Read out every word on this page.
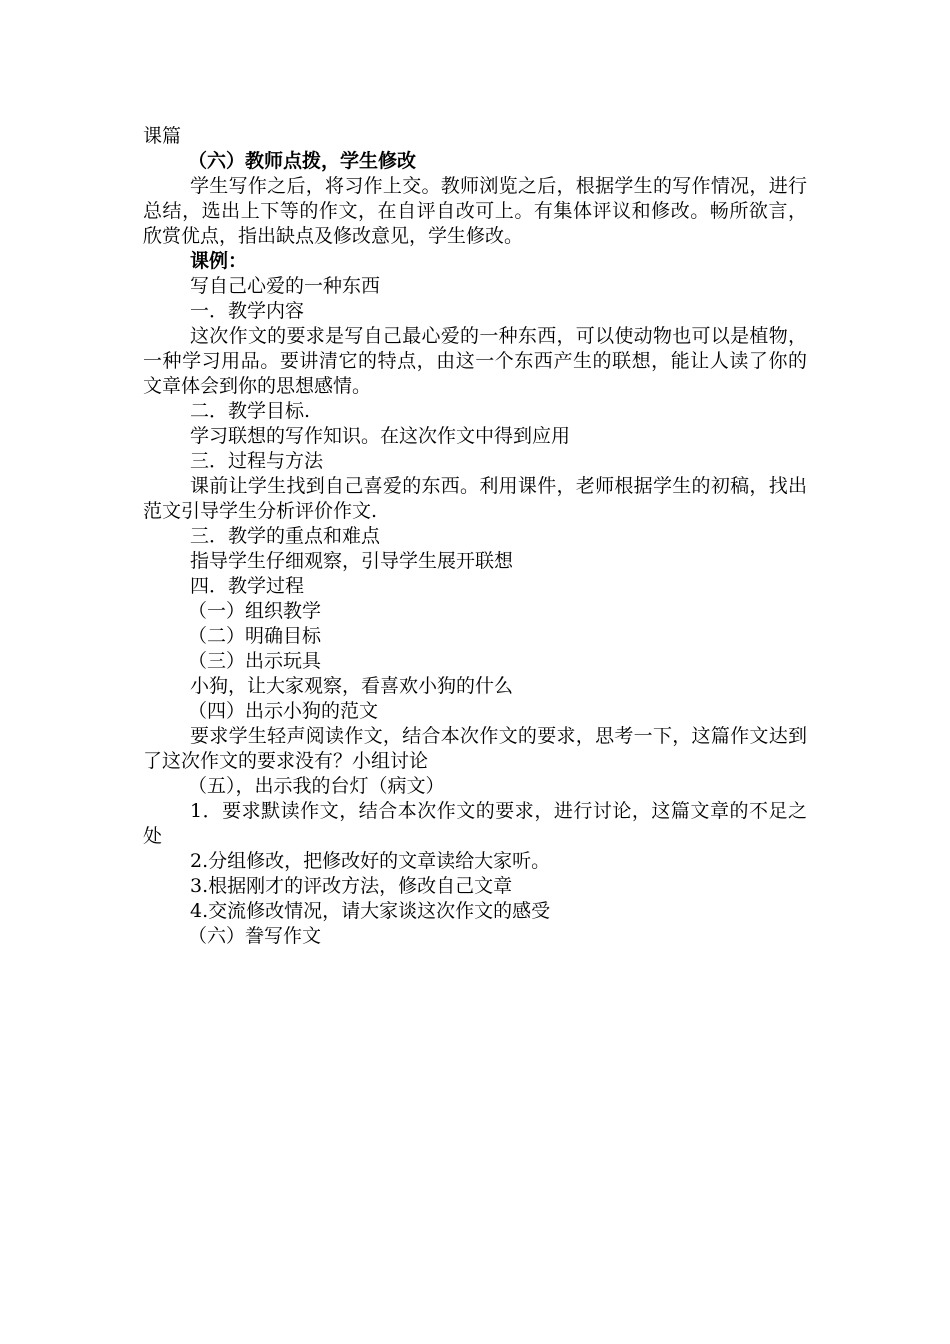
课篇
（六）教师点拨，学生修改
学生写作之后，将习作上交。教师浏览之后，根据学生的写作情况，进行总结，选出上下等的作文，在自评自改可上。有集体评议和修改。畅所欲言，欣赏优点，指出缺点及修改意见，学生修改。
课例：
写自己心爱的一种东西
一．教学内容
这次作文的要求是写自己最心爱的一种东西，可以使动物也可以是植物，一种学习用品。要讲清它的特点，由这一个东西产生的联想，能让人读了你的文章体会到你的思想感情。
二．教学目标.
学习联想的写作知识。在这次作文中得到应用
三．过程与方法
课前让学生找到自己喜爱的东西。利用课件，老师根据学生的初稿，找出范文引导学生分析评价作文.
三．教学的重点和难点
指导学生仔细观察，引导学生展开联想
四．教学过程
（一）组织教学
（二）明确目标
（三）出示玩具
小狗，让大家观察，看喜欢小狗的什么
（四）出示小狗的范文
要求学生轻声阅读作文，结合本次作文的要求，思考一下，这篇作文达到了这次作文的要求没有？小组讨论
（五），出示我的台灯（病文）
1．要求默读作文，结合本次作文的要求，进行讨论，这篇文章的不足之处
2.分组修改，把修改好的文章读给大家听。
3.根据刚才的评改方法，修改自己文章
4.交流修改情况，请大家谈这次作文的感受
（六）誊写作文
